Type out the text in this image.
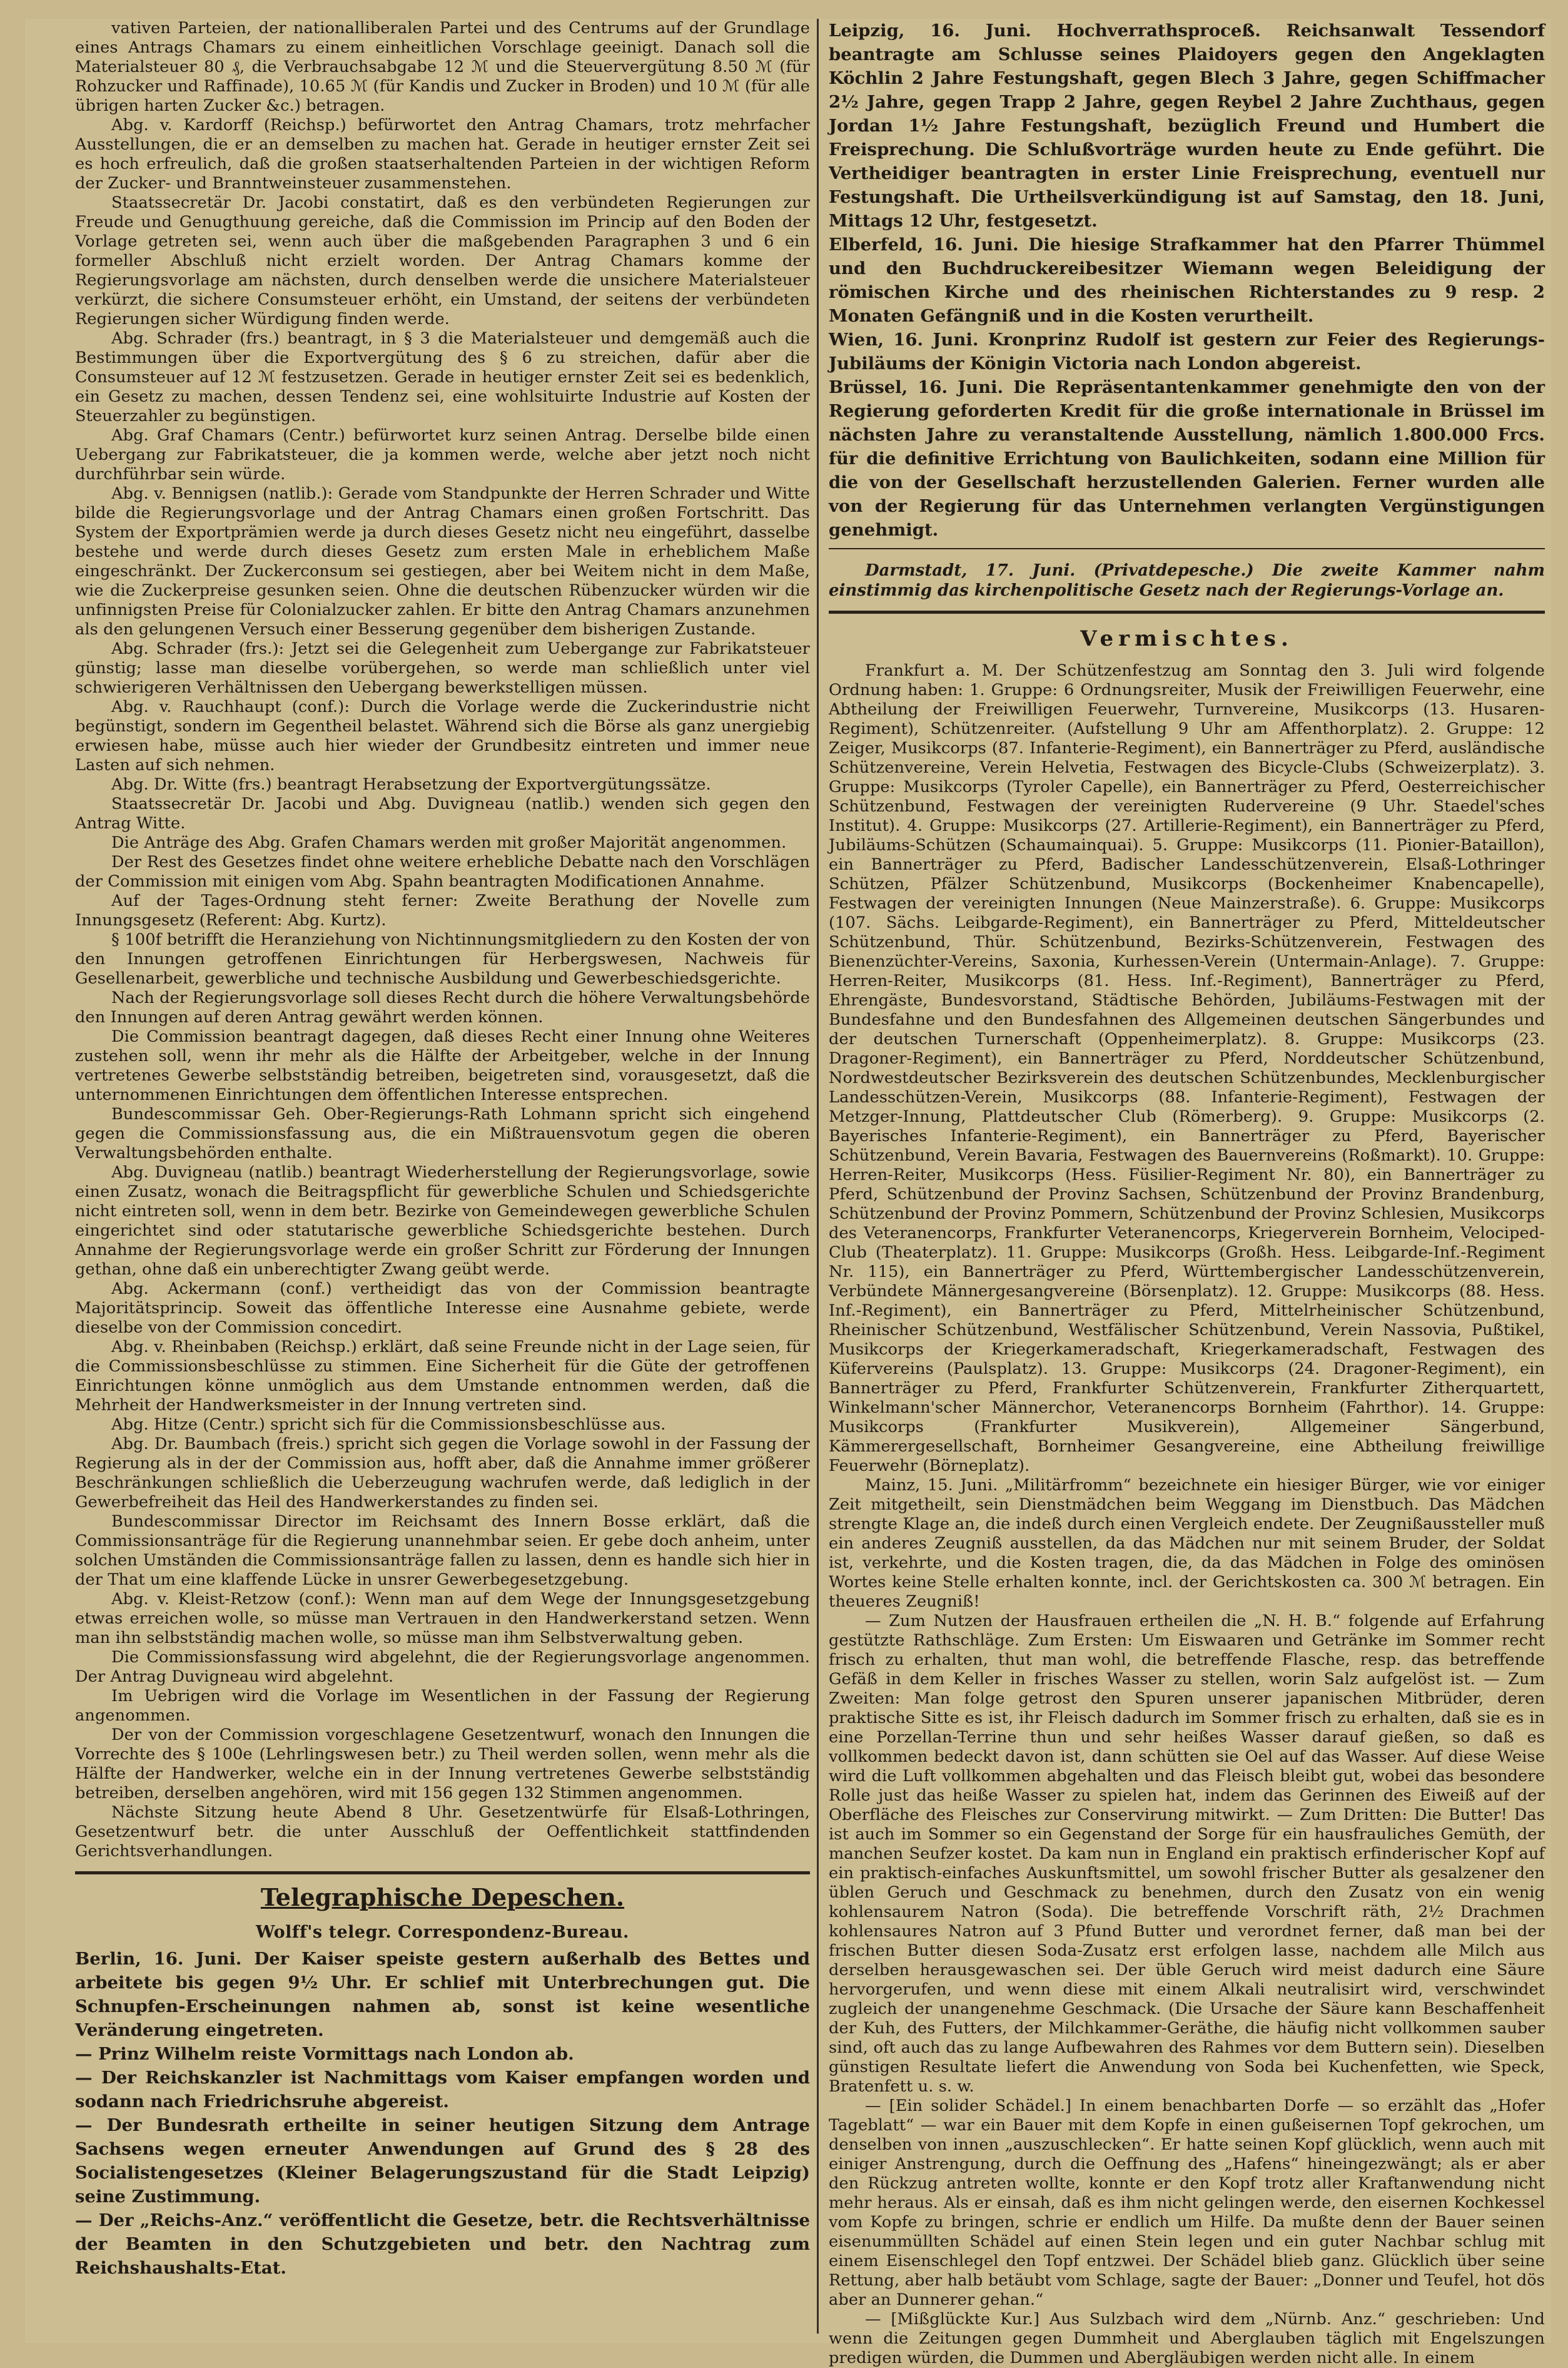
vativen Parteien, der nationalliberalen Partei und des Centrums auf der Grundlage eines Antrags Chamars zu einem einheitlichen Vorschlage geeinigt. Danach soll die Materialsteuer 80 ₰, die Verbrauchsabgabe 12 ℳ und die Steuervergütung 8.50 ℳ (für Rohzucker und Raffinade), 10.65 ℳ (für Kandis und Zucker in Broden) und 10 ℳ (für alle übrigen harten Zucker &c.) betragen.

Abg. v. Kardorff (Reichsp.) befürwortet den Antrag Chamars, trotz mehrfacher Ausstellungen, die er an demselben zu machen hat. Gerade in heutiger ernster Zeit sei es hoch erfreulich, daß die großen staatserhaltenden Parteien in der wichtigen Reform der Zucker- und Branntweinsteuer zusammenstehen.

Staatssecretär Dr. Jacobi constatirt, daß es den verbündeten Regierungen zur Freude und Genugthuung gereiche, daß die Commission im Princip auf den Boden der Vorlage getreten sei, wenn auch über die maßgebenden Paragraphen 3 und 6 ein formeller Abschluß nicht erzielt worden. Der Antrag Chamars komme der Regierungsvorlage am nächsten, durch denselben werde die unsichere Materialsteuer verkürzt, die sichere Consumsteuer erhöht, ein Umstand, der seitens der verbündeten Regierungen sicher Würdigung finden werde.

Abg. Schrader (frs.) beantragt, in § 3 die Materialsteuer und demgemäß auch die Bestimmungen über die Exportvergütung des § 6 zu streichen, dafür aber die Consumsteuer auf 12 ℳ festzusetzen. Gerade in heutiger ernster Zeit sei es bedenklich, ein Gesetz zu machen, dessen Tendenz sei, eine wohlsituirte Industrie auf Kosten der Steuerzahler zu begünstigen.

Abg. Graf Chamars (Centr.) befürwortet kurz seinen Antrag. Derselbe bilde einen Uebergang zur Fabrikatsteuer, die ja kommen werde, welche aber jetzt noch nicht durchführbar sein würde.

Abg. v. Bennigsen (natlib.): Gerade vom Standpunkte der Herren Schrader und Witte bilde die Regierungsvorlage und der Antrag Chamars einen großen Fortschritt. Das System der Exportprämien werde ja durch dieses Gesetz nicht neu eingeführt, dasselbe bestehe und werde durch dieses Gesetz zum ersten Male in erheblichem Maße eingeschränkt. Der Zuckerconsum sei gestiegen, aber bei Weitem nicht in dem Maße, wie die Zuckerpreise gesunken seien. Ohne die deutschen Rübenzucker würden wir die unfinnigsten Preise für Colonialzucker zahlen. Er bitte den Antrag Chamars anzunehmen als den gelungenen Versuch einer Besserung gegenüber dem bisherigen Zustande.

Abg. Schrader (frs.): Jetzt sei die Gelegenheit zum Uebergange zur Fabrikatsteuer günstig; lasse man dieselbe vorübergehen, so werde man schließlich unter viel schwierigeren Verhältnissen den Uebergang bewerkstelligen müssen.

Abg. v. Rauchhaupt (conf.): Durch die Vorlage werde die Zuckerindustrie nicht begünstigt, sondern im Gegentheil belastet. Während sich die Börse als ganz unergiebig erwiesen habe, müsse auch hier wieder der Grundbesitz eintreten und immer neue Lasten auf sich nehmen.

Abg. Dr. Witte (frs.) beantragt Herabsetzung der Exportvergütungssätze.

Staatssecretär Dr. Jacobi und Abg. Duvigneau (natlib.) wenden sich gegen den Antrag Witte.

Die Anträge des Abg. Grafen Chamars werden mit großer Majorität angenommen.

Der Rest des Gesetzes findet ohne weitere erhebliche Debatte nach den Vorschlägen der Commission mit einigen vom Abg. Spahn beantragten Modificationen Annahme.

Auf der Tages-Ordnung steht ferner: Zweite Berathung der Novelle zum Innungsgesetz (Referent: Abg. Kurtz).

§ 100f betrifft die Heranziehung von Nichtinnungsmitgliedern zu den Kosten der von den Innungen getroffenen Einrichtungen für Herbergswesen, Nachweis für Gesellenarbeit, gewerbliche und technische Ausbildung und Gewerbeschiedsgerichte.

Nach der Regierungsvorlage soll dieses Recht durch die höhere Verwaltungsbehörde den Innungen auf deren Antrag gewährt werden können.

Die Commission beantragt dagegen, daß dieses Recht einer Innung ohne Weiteres zustehen soll, wenn ihr mehr als die Hälfte der Arbeitgeber, welche in der Innung vertretenes Gewerbe selbstständig betreiben, beigetreten sind, vorausgesetzt, daß die unternommenen Einrichtungen dem öffentlichen Interesse entsprechen.

Bundescommissar Geh. Ober-Regierungs-Rath Lohmann spricht sich eingehend gegen die Commissionsfassung aus, die ein Mißtrauensvotum gegen die oberen Verwaltungsbehörden enthalte.

Abg. Duvigneau (natlib.) beantragt Wiederherstellung der Regierungsvorlage, sowie einen Zusatz, wonach die Beitragspflicht für gewerbliche Schulen und Schiedsgerichte nicht eintreten soll, wenn in dem betr. Bezirke von Gemeindewegen gewerbliche Schulen eingerichtet sind oder statutarische gewerbliche Schiedsgerichte bestehen. Durch Annahme der Regierungsvorlage werde ein großer Schritt zur Förderung der Innungen gethan, ohne daß ein unberechtigter Zwang geübt werde.

Abg. Ackermann (conf.) vertheidigt das von der Commission beantragte Majoritätsprincip. Soweit das öffentliche Interesse eine Ausnahme gebiete, werde dieselbe von der Commission concedirt.

Abg. v. Rheinbaben (Reichsp.) erklärt, daß seine Freunde nicht in der Lage seien, für die Commissionsbeschlüsse zu stimmen. Eine Sicherheit für die Güte der getroffenen Einrichtungen könne unmöglich aus dem Umstande entnommen werden, daß die Mehrheit der Handwerksmeister in der Innung vertreten sind.

Abg. Hitze (Centr.) spricht sich für die Commissionsbeschlüsse aus.

Abg. Dr. Baumbach (freis.) spricht sich gegen die Vorlage sowohl in der Fassung der Regierung als in der der Commission aus, hofft aber, daß die Annahme immer größerer Beschränkungen schließlich die Ueberzeugung wachrufen werde, daß lediglich in der Gewerbefreiheit das Heil des Handwerkerstandes zu finden sei.

Bundescommissar Director im Reichsamt des Innern Bosse erklärt, daß die Commissionsanträge für die Regierung unannehmbar seien. Er gebe doch anheim, unter solchen Umständen die Commissionsanträge fallen zu lassen, denn es handle sich hier in der That um eine klaffende Lücke in unsrer Gewerbegesetzgebung.

Abg. v. Kleist-Retzow (conf.): Wenn man auf dem Wege der Innungsgesetzgebung etwas erreichen wolle, so müsse man Vertrauen in den Handwerkerstand setzen. Wenn man ihn selbstständig machen wolle, so müsse man ihm Selbstverwaltung geben.

Die Commissionsfassung wird abgelehnt, die der Regierungsvorlage angenommen. Der Antrag Duvigneau wird abgelehnt.

Im Uebrigen wird die Vorlage im Wesentlichen in der Fassung der Regierung angenommen.

Der von der Commission vorgeschlagene Gesetzentwurf, wonach den Innungen die Vorrechte des § 100e (Lehrlingswesen betr.) zu Theil werden sollen, wenn mehr als die Hälfte der Handwerker, welche ein in der Innung vertretenes Gewerbe selbstständig betreiben, derselben angehören, wird mit 156 gegen 132 Stimmen angenommen.

Nächste Sitzung heute Abend 8 Uhr. Gesetzentwürfe für Elsaß-Lothringen, Gesetzentwurf betr. die unter Ausschluß der Oeffentlichkeit stattfindenden Gerichtsverhandlungen.

Telegraphische Depeschen.
Wolff's telegr. Correspondenz-Bureau.

Berlin, 16. Juni. Der Kaiser speiste gestern außerhalb des Bettes und arbeitete bis gegen 9½ Uhr. Er schlief mit Unterbrechungen gut. Die Schnupfen-Erscheinungen nahmen ab, sonst ist keine wesentliche Veränderung eingetreten.

— Prinz Wilhelm reiste Vormittags nach London ab.

— Der Reichskanzler ist Nachmittags vom Kaiser empfangen worden und sodann nach Friedrichsruhe abgereist.

— Der Bundesrath ertheilte in seiner heutigen Sitzung dem Antrage Sachsens wegen erneuter Anwendungen auf Grund des § 28 des Socialistengesetzes (Kleiner Belagerungszustand für die Stadt Leipzig) seine Zustimmung.

— Der „Reichs-Anz.“ veröffentlicht die Gesetze, betr. die Rechtsverhältnisse der Beamten in den Schutzgebieten und betr. den Nachtrag zum Reichshaushalts-Etat.

Leipzig, 16. Juni. Hochverrathsproceß. Reichsanwalt Tessendorf beantragte am Schlusse seines Plaidoyers gegen den Angeklagten Köchlin 2 Jahre Festungshaft, gegen Blech 3 Jahre, gegen Schiffmacher 2½ Jahre, gegen Trapp 2 Jahre, gegen Reybel 2 Jahre Zuchthaus, gegen Jordan 1½ Jahre Festungshaft, bezüglich Freund und Humbert die Freisprechung. Die Schlußvorträge wurden heute zu Ende geführt. Die Vertheidiger beantragten in erster Linie Freisprechung, eventuell nur Festungshaft. Die Urtheilsverkündigung ist auf Samstag, den 18. Juni, Mittags 12 Uhr, festgesetzt.

Elberfeld, 16. Juni. Die hiesige Strafkammer hat den Pfarrer Thümmel und den Buchdruckereibesitzer Wiemann wegen Beleidigung der römischen Kirche und des rheinischen Richterstandes zu 9 resp. 2 Monaten Gefängniß und in die Kosten verurtheilt.

Wien, 16. Juni. Kronprinz Rudolf ist gestern zur Feier des Regierungs-Jubiläums der Königin Victoria nach London abgereist.

Brüssel, 16. Juni. Die Repräsentantenkammer genehmigte den von der Regierung geforderten Kredit für die große internationale in Brüssel im nächsten Jahre zu veranstaltende Ausstellung, nämlich 1.800.000 Frcs. für die definitive Errichtung von Baulichkeiten, sodann eine Million für die von der Gesellschaft herzustellenden Galerien. Ferner wurden alle von der Regierung für das Unternehmen verlangten Vergünstigungen genehmigt.

Darmstadt, 17. Juni. (Privatdepesche.) Die zweite Kammer nahm einstimmig das kirchenpolitische Gesetz nach der Regierungs-Vorlage an.
Vermischtes.

Frankfurt a. M. Der Schützenfestzug am Sonntag den 3. Juli wird folgende Ordnung haben: 1. Gruppe: 6 Ordnungsreiter, Musik der Freiwilligen Feuerwehr, eine Abtheilung der Freiwilligen Feuerwehr, Turnvereine, Musikcorps (13. Husaren-Regiment), Schützenreiter. (Aufstellung 9 Uhr am Affenthorplatz). 2. Gruppe: 12 Zeiger, Musikcorps (87. Infanterie-Regiment), ein Bannerträger zu Pferd, ausländische Schützenvereine, Verein Helvetia, Festwagen des Bicycle-Clubs (Schweizerplatz). 3. Gruppe: Musikcorps (Tyroler Capelle), ein Bannerträger zu Pferd, Oesterreichischer Schützenbund, Festwagen der vereinigten Rudervereine (9 Uhr. Staedel'sches Institut). 4. Gruppe: Musikcorps (27. Artillerie-Regiment), ein Bannerträger zu Pferd, Jubiläums-Schützen (Schaumainquai). 5. Gruppe: Musikcorps (11. Pionier-Bataillon), ein Bannerträger zu Pferd, Badischer Landesschützenverein, Elsaß-Lothringer Schützen, Pfälzer Schützenbund, Musikcorps (Bockenheimer Knabencapelle), Festwagen der vereinigten Innungen (Neue Mainzerstraße). 6. Gruppe: Musikcorps (107. Sächs. Leibgarde-Regiment), ein Bannerträger zu Pferd, Mitteldeutscher Schützenbund, Thür. Schützenbund, Bezirks-Schützenverein, Festwagen des Bienenzüchter-Vereins, Saxonia, Kurhessen-Verein (Untermain-Anlage). 7. Gruppe: Herren-Reiter, Musikcorps (81. Hess. Inf.-Regiment), Bannerträger zu Pferd, Ehrengäste, Bundesvorstand, Städtische Behörden, Jubiläums-Festwagen mit der Bundesfahne und den Bundesfahnen des Allgemeinen deutschen Sängerbundes und der deutschen Turnerschaft (Oppenheimerplatz). 8. Gruppe: Musikcorps (23. Dragoner-Regiment), ein Bannerträger zu Pferd, Norddeutscher Schützenbund, Nordwestdeutscher Bezirksverein des deutschen Schützenbundes, Mecklenburgischer Landesschützen-Verein, Musikcorps (88. Infanterie-Regiment), Festwagen der Metzger-Innung, Plattdeutscher Club (Römerberg). 9. Gruppe: Musikcorps (2. Bayerisches Infanterie-Regiment), ein Bannerträger zu Pferd, Bayerischer Schützenbund, Verein Bavaria, Festwagen des Bauernvereins (Roßmarkt). 10. Gruppe: Herren-Reiter, Musikcorps (Hess. Füsilier-Regiment Nr. 80), ein Bannerträger zu Pferd, Schützenbund der Provinz Sachsen, Schützenbund der Provinz Brandenburg, Schützenbund der Provinz Pommern, Schützenbund der Provinz Schlesien, Musikcorps des Veteranencorps, Frankfurter Veteranencorps, Kriegerverein Bornheim, Velociped-Club (Theaterplatz). 11. Gruppe: Musikcorps (Großh. Hess. Leibgarde-Inf.-Regiment Nr. 115), ein Bannerträger zu Pferd, Württembergischer Landesschützenverein, Verbündete Männergesangvereine (Börsenplatz). 12. Gruppe: Musikcorps (88. Hess. Inf.-Regiment), ein Bannerträger zu Pferd, Mittelrheinischer Schützenbund, Rheinischer Schützenbund, Westfälischer Schützenbund, Verein Nassovia, Pußtikel, Musikcorps der Kriegerkameradschaft, Kriegerkameradschaft, Festwagen des Küfervereins (Paulsplatz). 13. Gruppe: Musikcorps (24. Dragoner-Regiment), ein Bannerträger zu Pferd, Frankfurter Schützenverein, Frankfurter Zitherquartett, Winkelmann'scher Männerchor, Veteranencorps Bornheim (Fahrthor). 14. Gruppe: Musikcorps (Frankfurter Musikverein), Allgemeiner Sängerbund, Kämmerergesellschaft, Bornheimer Gesangvereine, eine Abtheilung freiwillige Feuerwehr (Börneplatz).

Mainz, 15. Juni. „Militärfromm“ bezeichnete ein hiesiger Bürger, wie vor einiger Zeit mitgetheilt, sein Dienstmädchen beim Weggang im Dienstbuch. Das Mädchen strengte Klage an, die indeß durch einen Vergleich endete. Der Zeugnißaussteller muß ein anderes Zeugniß ausstellen, da das Mädchen nur mit seinem Bruder, der Soldat ist, verkehrte, und die Kosten tragen, die, da das Mädchen in Folge des ominösen Wortes keine Stelle erhalten konnte, incl. der Gerichtskosten ca. 300 ℳ betragen. Ein theueres Zeugniß!

— Zum Nutzen der Hausfrauen ertheilen die „N. H. B.“ folgende auf Erfahrung gestützte Rathschläge. Zum Ersten: Um Eiswaaren und Getränke im Sommer recht frisch zu erhalten, thut man wohl, die betreffende Flasche, resp. das betreffende Gefäß in dem Keller in frisches Wasser zu stellen, worin Salz aufgelöst ist. — Zum Zweiten: Man folge getrost den Spuren unserer japanischen Mitbrüder, deren praktische Sitte es ist, ihr Fleisch dadurch im Sommer frisch zu erhalten, daß sie es in eine Porzellan-Terrine thun und sehr heißes Wasser darauf gießen, so daß es vollkommen bedeckt davon ist, dann schütten sie Oel auf das Wasser. Auf diese Weise wird die Luft vollkommen abgehalten und das Fleisch bleibt gut, wobei das besondere Rolle just das heiße Wasser zu spielen hat, indem das Gerinnen des Eiweiß auf der Oberfläche des Fleisches zur Conservirung mitwirkt. — Zum Dritten: Die Butter! Das ist auch im Sommer so ein Gegenstand der Sorge für ein hausfrauliches Gemüth, der manchen Seufzer kostet. Da kam nun in England ein praktisch erfinderischer Kopf auf ein praktisch-einfaches Auskunftsmittel, um sowohl frischer Butter als gesalzener den üblen Geruch und Geschmack zu benehmen, durch den Zusatz von ein wenig kohlensaurem Natron (Soda). Die betreffende Vorschrift räth, 2½ Drachmen kohlensaures Natron auf 3 Pfund Butter und verordnet ferner, daß man bei der frischen Butter diesen Soda-Zusatz erst erfolgen lasse, nachdem alle Milch aus derselben herausgewaschen sei. Der üble Geruch wird meist dadurch eine Säure hervorgerufen, und wenn diese mit einem Alkali neutralisirt wird, verschwindet zugleich der unangenehme Geschmack. (Die Ursache der Säure kann Beschaffenheit der Kuh, des Futters, der Milchkammer-Geräthe, die häufig nicht vollkommen sauber sind, oft auch das zu lange Aufbewahren des Rahmes vor dem Buttern sein). Dieselben günstigen Resultate liefert die Anwendung von Soda bei Kuchenfetten, wie Speck, Bratenfett u. s. w.

— [Ein solider Schädel.] In einem benachbarten Dorfe — so erzählt das „Hofer Tageblatt“ — war ein Bauer mit dem Kopfe in einen gußeisernen Topf gekrochen, um denselben von innen „auszuschlecken“. Er hatte seinen Kopf glücklich, wenn auch mit einiger Anstrengung, durch die Oeffnung des „Hafens“ hineingezwängt; als er aber den Rückzug antreten wollte, konnte er den Kopf trotz aller Kraftanwendung nicht mehr heraus. Als er einsah, daß es ihm nicht gelingen werde, den eisernen Kochkessel vom Kopfe zu bringen, schrie er endlich um Hilfe. Da mußte denn der Bauer seinen eisenummüllten Schädel auf einen Stein legen und ein guter Nachbar schlug mit einem Eisenschlegel den Topf entzwei. Der Schädel blieb ganz. Glücklich über seine Rettung, aber halb betäubt vom Schlage, sagte der Bauer: „Donner und Teufel, hot dös aber an Dunnerer gehan.“

— [Mißglückte Kur.] Aus Sulzbach wird dem „Nürnb. Anz.“ geschrieben: Und wenn die Zeitungen gegen Dummheit und Aberglauben täglich mit Engelszungen predigen würden, die Dummen und Abergläubigen werden nicht alle. In einem
